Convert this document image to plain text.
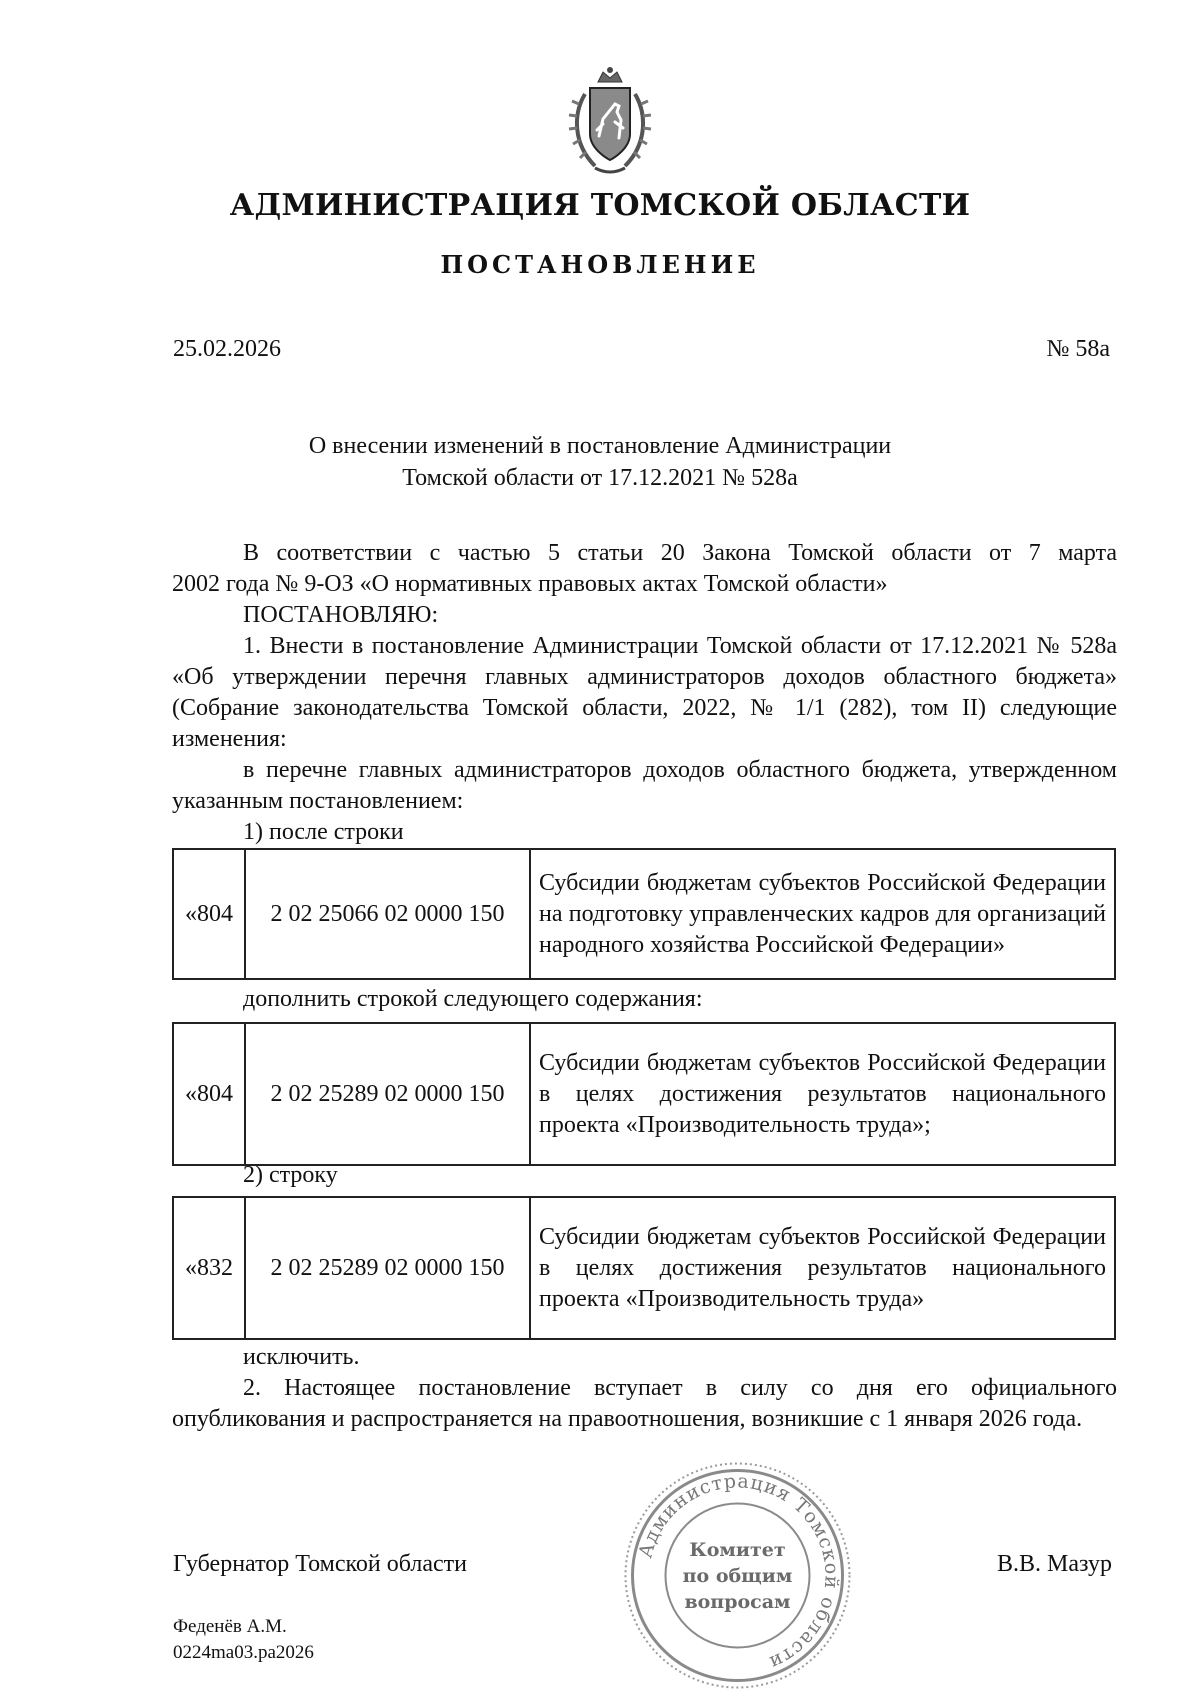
АДМИНИСТРАЦИЯ ТОМСКОЙ ОБЛАСТИ
ПОСТАНОВЛЕНИЕ
25.02.2026	№ 58а
О внесении изменений в постановление Администрации
Томской области от 17.12.2021 № 528а
В соответствии с частью 5 статьи 20 Закона Томской области от 7 марта
2002 года № 9-ОЗ «О нормативных правовых актах Томской области»
ПОСТАНОВЛЯЮ:

1. Внести в постановление Администрации Томской области от 17.12.2021 № 528а «Об утверждении перечня главных администраторов доходов областного бюджета» (Собрание законодательства Томской области, 2022, № 1/1 (282), том II) следующие изменения:

в перечне главных администраторов доходов областного бюджета, утвержденном указанным постановлением:

1) после строки
«804	2 02 25066 02 0000 150	Субсидии бюджетам субъектов Российской Федерации на подготовку управленческих кадров для организаций народного хозяйства Российской Федерации»
дополнить строкой следующего содержания:
«804	2 02 25289 02 0000 150	Субсидии бюджетам субъектов Российской Федерации в целях достижения результатов национального проекта «Производительность труда»;
2) строку
«832	2 02 25289 02 0000 150	Субсидии бюджетам субъектов Российской Федерации в целях достижения результатов национального проекта «Производительность труда»
исключить.

2. Настоящее постановление вступает в силу со дня его официального опубликования и распространяется на правоотношения, возникшие с 1 января 2026 года.

Администрация Томской области
Комитет
по общим
вопросам
Губернатор Томской области	В.В. Мазур
Феденёв А.М.
0224ma03.pa2026
